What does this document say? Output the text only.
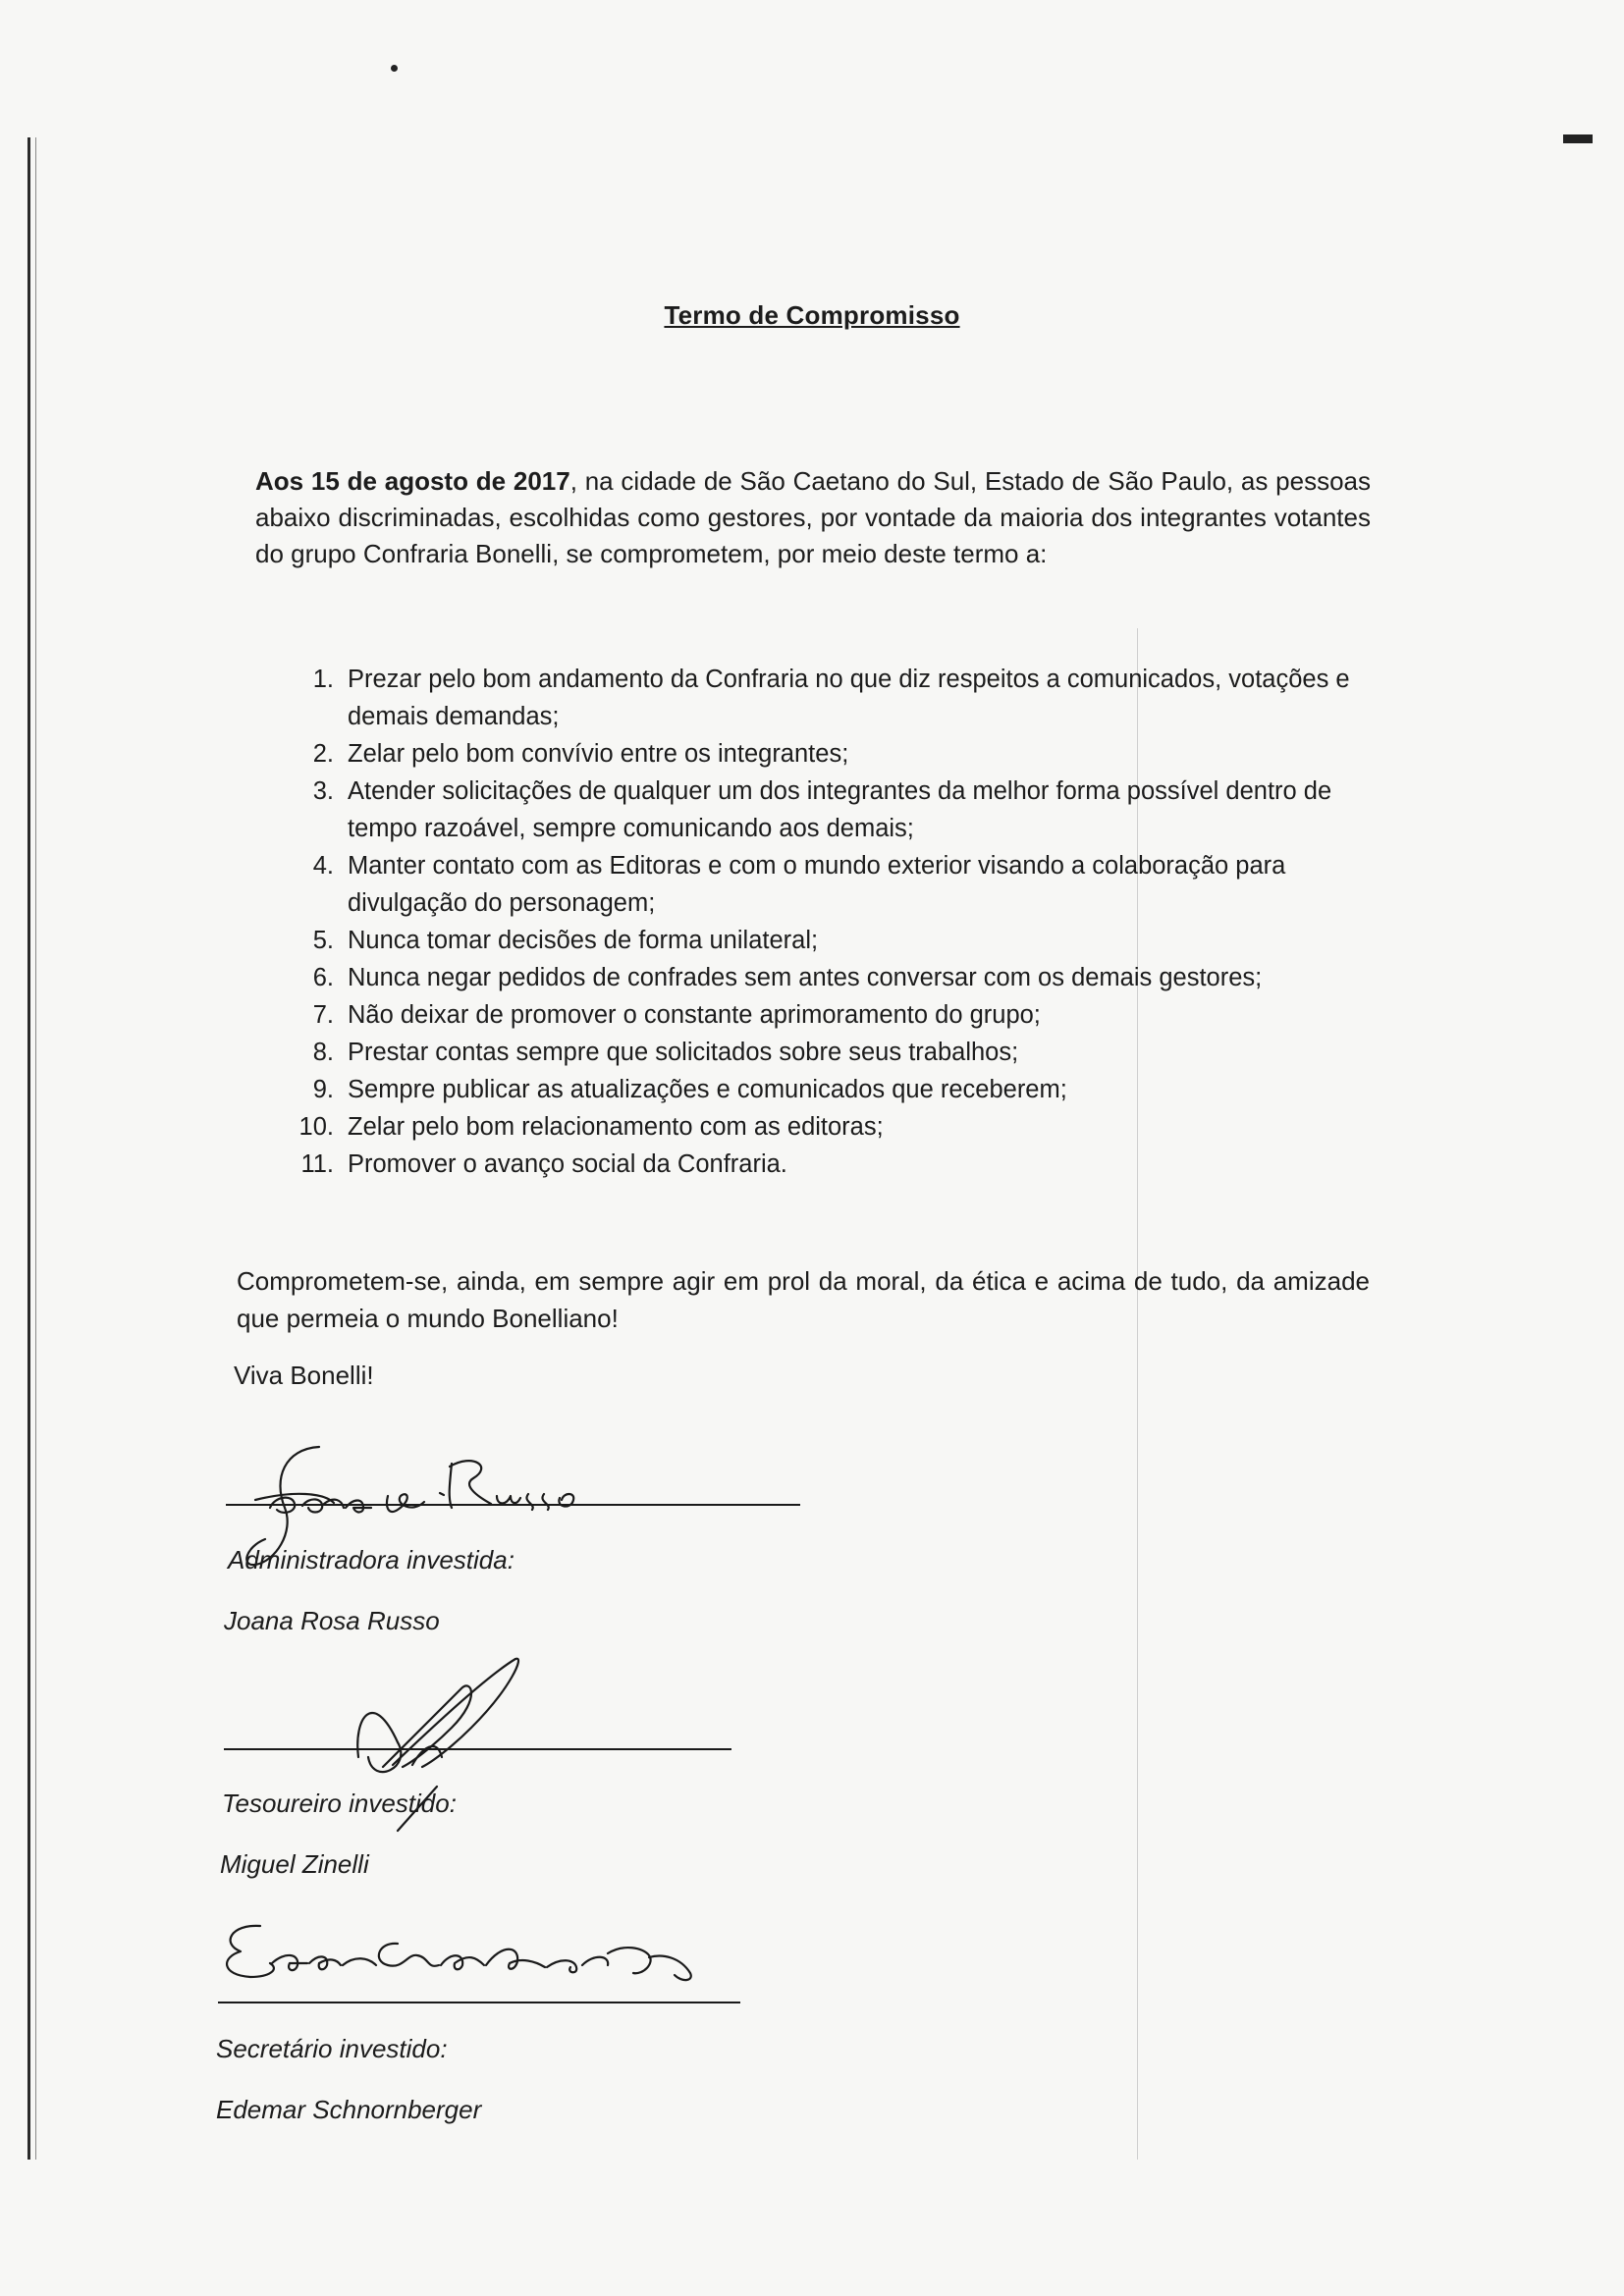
Termo de Compromisso

Aos 15 de agosto de 2017, na cidade de São Caetano do Sul, Estado de São Paulo, as pessoas abaixo discriminadas, escolhidas como gestores, por vontade da maioria dos integrantes votantes do grupo Confraria Bonelli, se comprometem, por meio deste termo a:

1. Prezar pelo bom andamento da Confraria no que diz respeitos a comunicados, votações e demais demandas;
2. Zelar pelo bom convívio entre os integrantes;
3. Atender solicitações de qualquer um dos integrantes da melhor forma possível dentro de tempo razoável, sempre comunicando aos demais;
4. Manter contato com as Editoras e com o mundo exterior visando a colaboração para divulgação do personagem;
5. Nunca tomar decisões de forma unilateral;
6. Nunca negar pedidos de confrades sem antes conversar com os demais gestores;
7. Não deixar de promover o constante aprimoramento do grupo;
8. Prestar contas sempre que solicitados sobre seus trabalhos;
9. Sempre publicar as atualizações e comunicados que receberem;
10. Zelar pelo bom relacionamento com as editoras;
11. Promover o avanço social da Confraria.

Comprometem-se, ainda, em sempre agir em prol da moral, da ética e acima de tudo, da amizade que permeia o mundo Bonelliano!

Viva Bonelli!
Administradora investida:
Joana Rosa Russo
Tesoureiro investido:
Miguel Zinelli
Secretário investido:
Edemar Schnornberger
